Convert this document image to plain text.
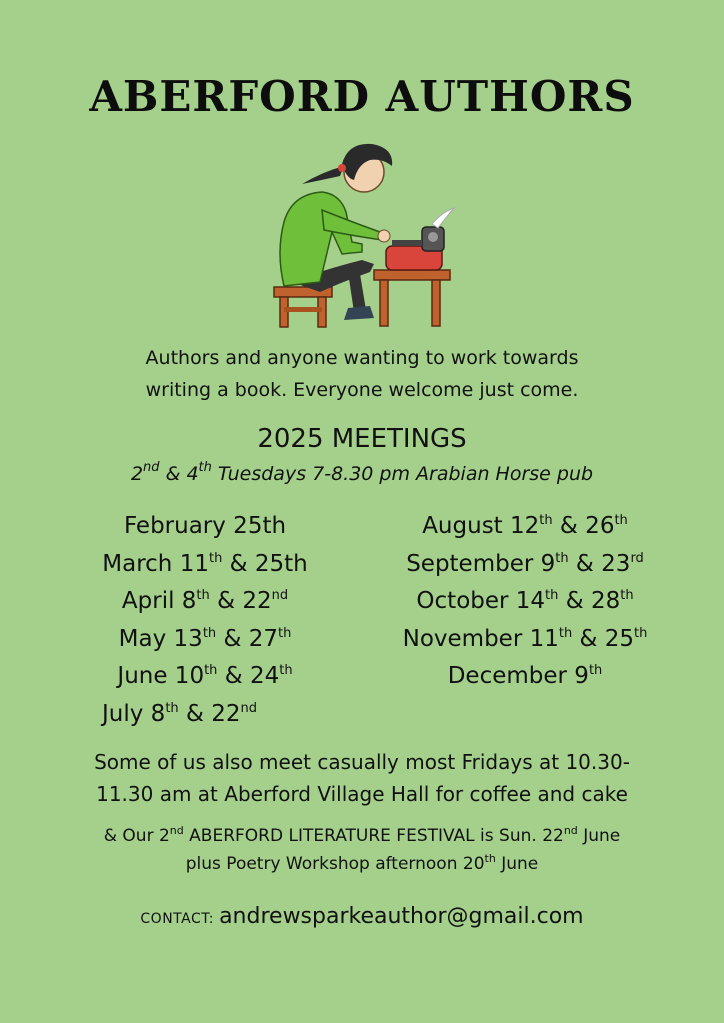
ABERFORD AUTHORS
Authors and anyone wanting to work towards
writing a book. Everyone welcome just come.
2025 MEETINGS
2nd & 4th Tuesdays 7-8.30 pm Arabian Horse pub
February 25th
March 11th & 25th
April 8th & 22nd
May 13th & 27th
June 10th & 24th
July 8th & 22nd
August 12th & 26th
September 9th & 23rd
October 14th & 28th
November 11th & 25th
December 9th
Some of us also meet casually most Fridays at 10.30-
11.30 am at Aberford Village Hall for coffee and cake
& Our 2nd ABERFORD LITERATURE FESTIVAL is Sun. 22nd June
plus Poetry Workshop afternoon 20th June
CONTACT: andrewsparkeauthor@gmail.com
